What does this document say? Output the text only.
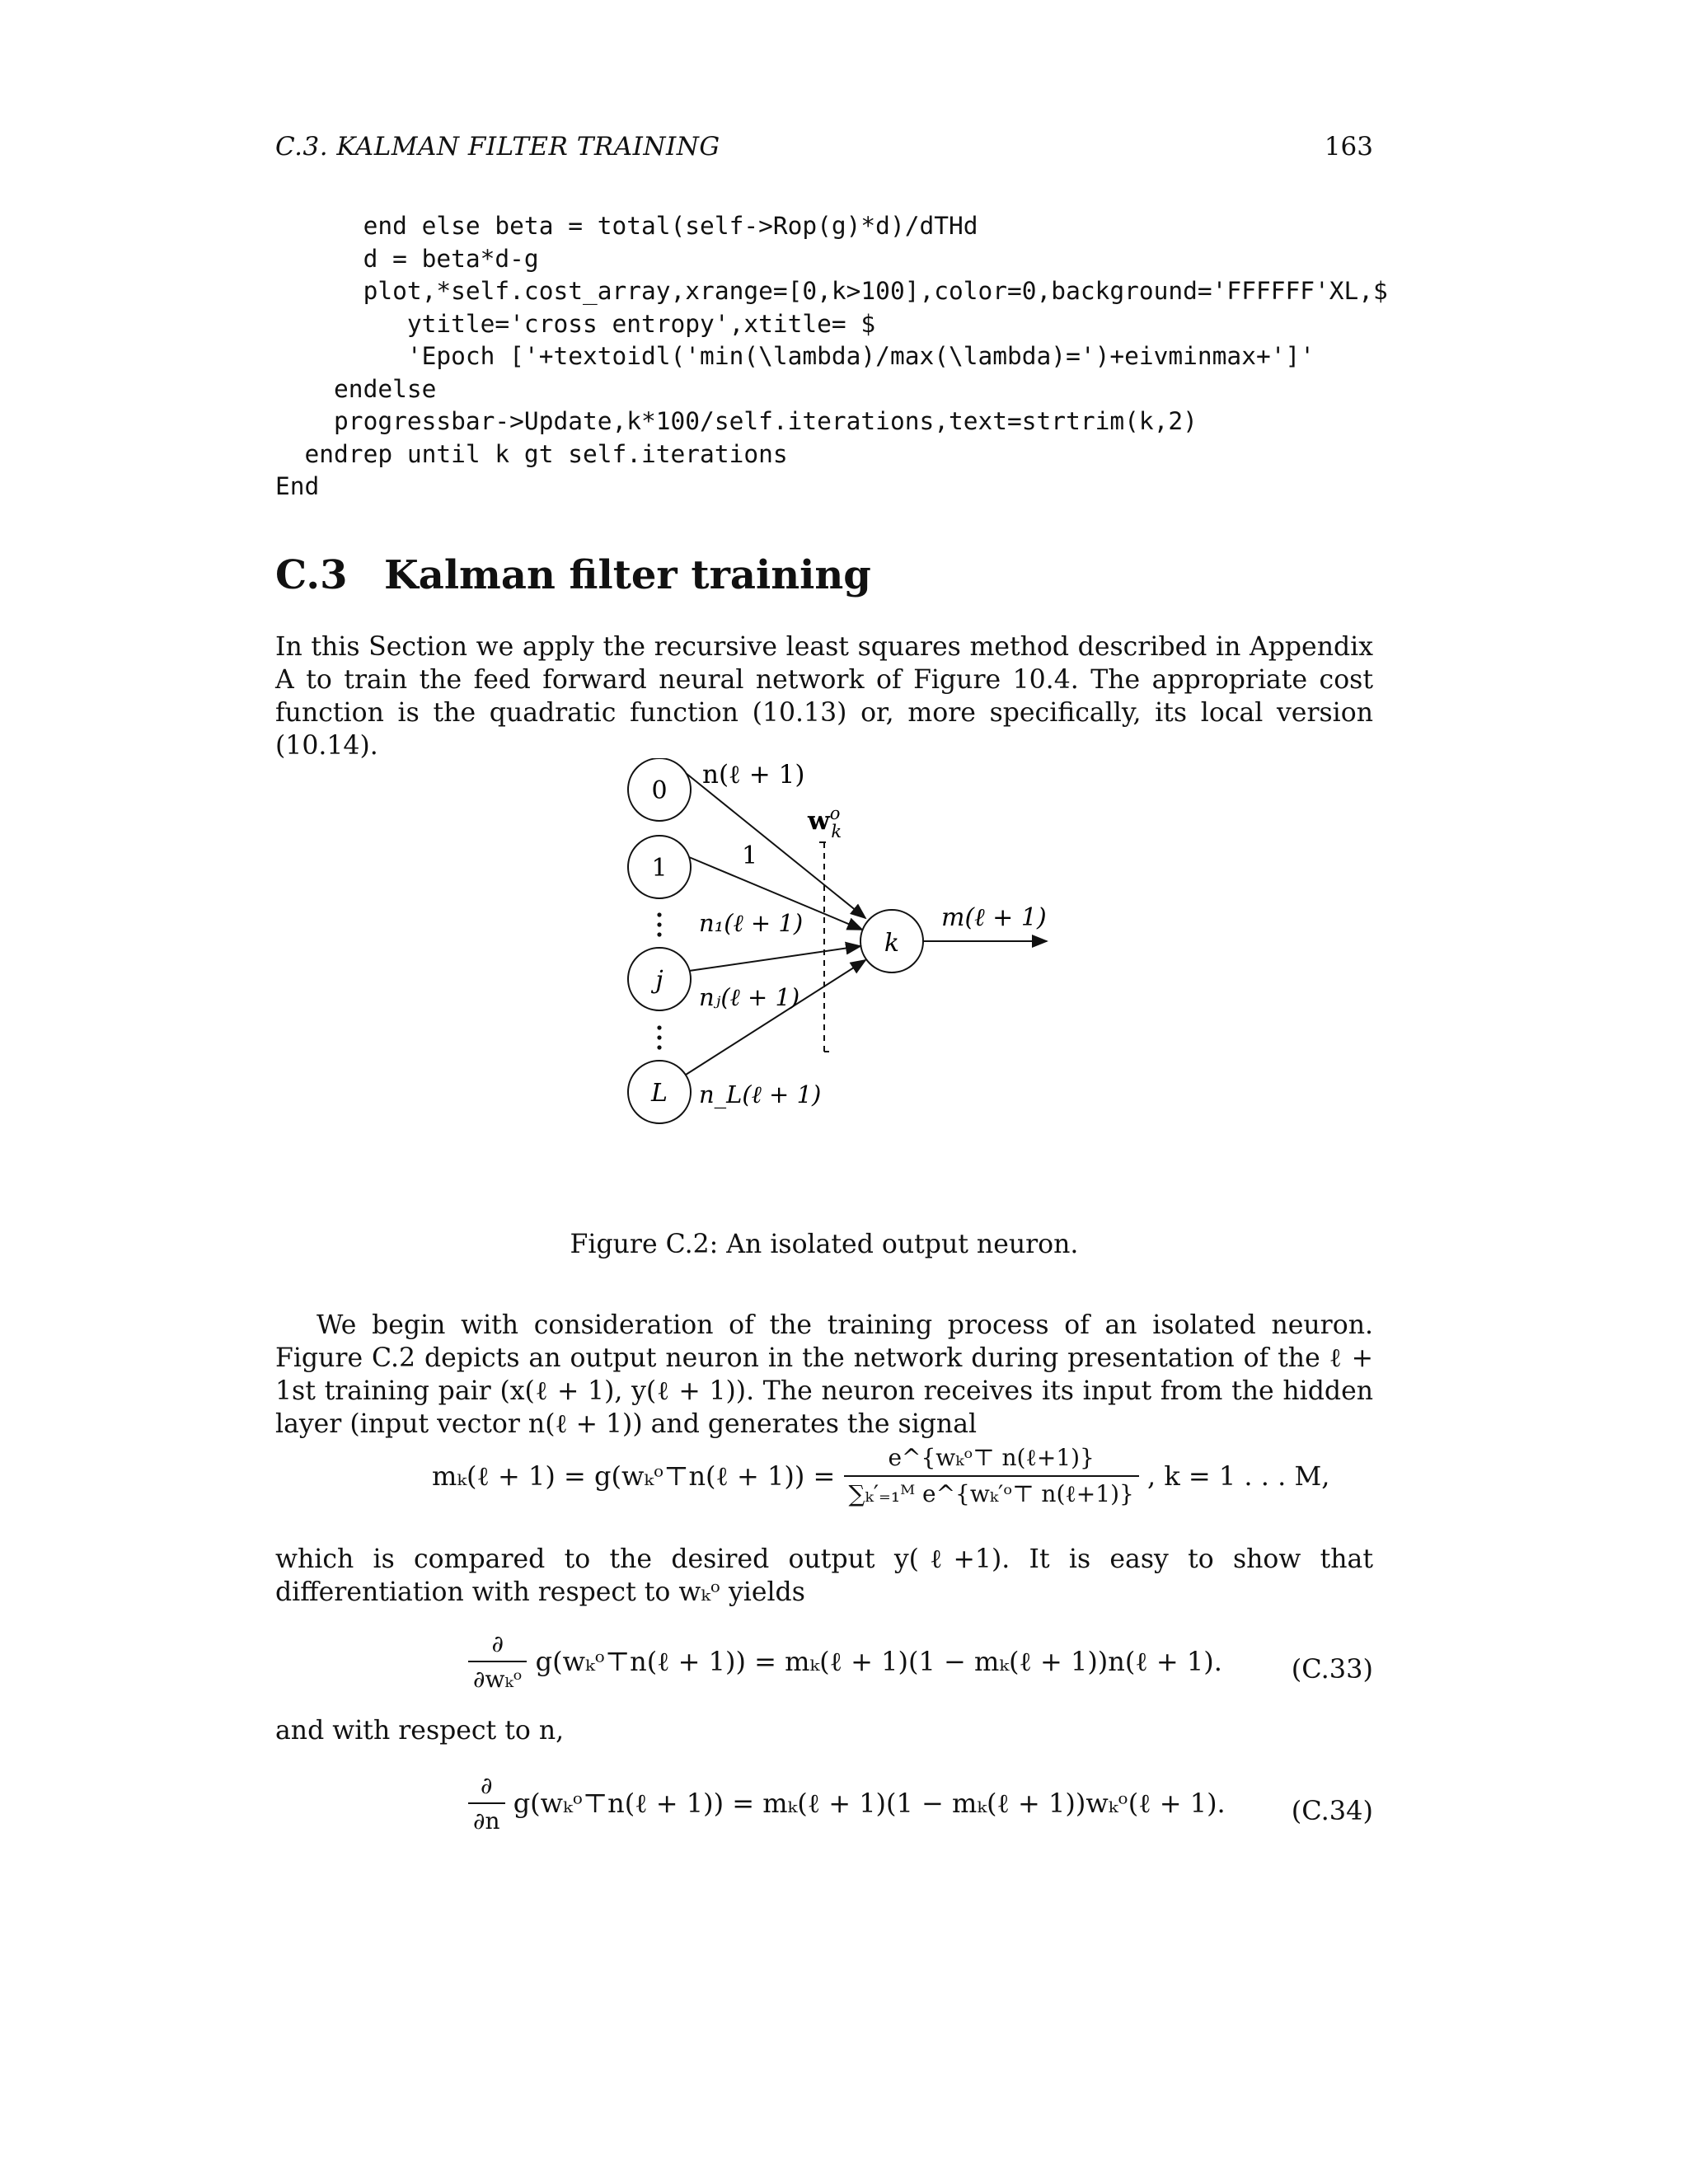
C.3. KALMAN FILTER TRAINING	163
end else beta = total(self->Rop(g)*d)/dTHd
d = beta*d-g
plot,*self.cost_array,xrange=[0,k>100],color=0,background='FFFFFF'XL,$
ytitle='cross entropy',xtitle= $
'Epoch ['+textoidl('min(\lambda)/max(\lambda)=')+eivminmax+']'
endelse
progressbar->Update,k*100/self.iterations,text=strtrim(k,2)
endrep until k gt self.iterations
End
C.3 Kalman filter training

In this Section we apply the recursive least squares method described in Appendix A to train the feed forward neural network of Figure 10.4. The appropriate cost function is the quadratic function (10.13) or, more specifically, its local version (10.14).

0
1
j
L
k
n(ℓ + 1)
$w^o$ k
1
n₁(ℓ + 1)
nⱼ(ℓ + 1)
n_L(ℓ + 1)
m(ℓ + 1)
Figure C.2: An isolated output neuron.

We begin with consideration of the training process of an isolated neuron. Figure C.2 depicts an output neuron in the network during presentation of the ℓ + 1st training pair (x(ℓ + 1), y(ℓ + 1)). The neuron receives its input from the hidden layer (input vector n(ℓ + 1)) and generates the signal

mₖ(ℓ + 1) = g(wₖᵒ⊤n(ℓ + $1)) = \frac{\text{e\textasciicircum{}\{wₖᵒ⊤ n(ℓ+1)\}}}{\text{∑ₖ′₌₁ᴹ e\textasciicircum{}\{wₖ′ᵒ⊤ n(ℓ+1)\}}}$ , k = 1 . . . M,

which is compared to the desired output y(ℓ+1). It is easy to show that differentiation with respect to wₖᵒ yields

$\frac{\partial}{\text{∂wₖᵒ}}$ g(wₖᵒ⊤n(ℓ + 1)) = mₖ(ℓ + 1)(1 − mₖ(ℓ + 1))n(ℓ + 1).	(C.33)

and with respect to n,

$\frac{\partial}{\partial n}$ g(wₖᵒ⊤n(ℓ + 1)) = mₖ(ℓ + 1)(1 − mₖ(ℓ + 1))wₖᵒ(ℓ + 1).	(C.34)
